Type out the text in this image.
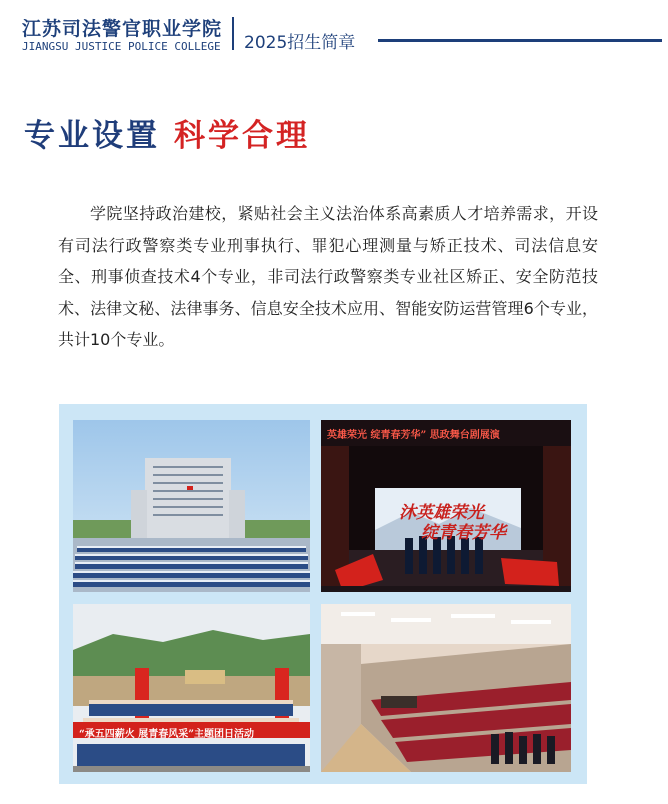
江苏司法警官职业学院
JIANGSU JUSTICE POLICE COLLEGE 2025招生简章
专业设置 科学合理
学院坚持政治建校，紧贴社会主义法治体系高素质人才培养需求，开设有司法行政警察类专业刑事执行、罪犯心理测量与矫正技术、司法信息安全、刑事侦查技术4个专业，非司法行政警察类专业社区矫正、安全防范技术、法律文秘、法律事务、信息安全技术应用、智能安防运营管理6个专业，共计10个专业。
英雄荣光 绽青春芳华” 思政舞台剧展演
沐英雄荣光
绽青春芳华
“承五四薪火 展青春风采”主题团日活动
